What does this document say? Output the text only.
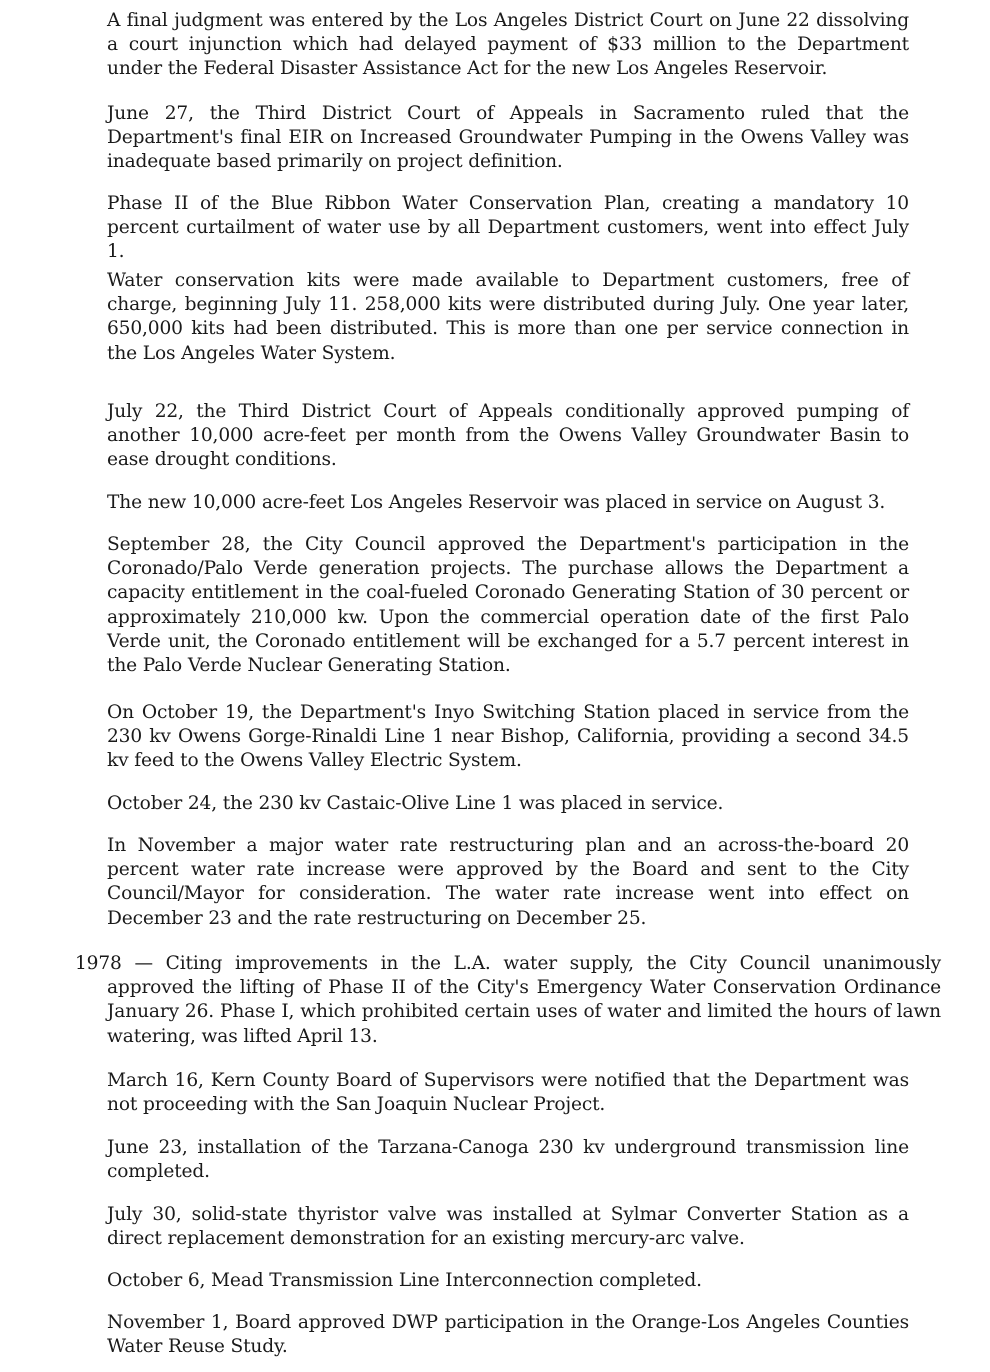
A final judgment was entered by the Los Angeles District Court on June 22 dissolving a court injunction which had delayed payment of $33 million to the Department under the Federal Disaster Assistance Act for the new Los Angeles Reservoir.

June 27, the Third District Court of Appeals in Sacramento ruled that the Department's final EIR on Increased Groundwater Pumping in the Owens Valley was inadequate based primarily on project definition.

Phase II of the Blue Ribbon Water Conservation Plan, creating a mandatory 10 percent curtailment of water use by all Department customers, went into effect July 1.

Water conservation kits were made available to Department customers, free of charge, beginning July 11. 258,000 kits were distributed during July. One year later, 650,000 kits had been distributed. This is more than one per service connection in the Los Angeles Water System.

July 22, the Third District Court of Appeals conditionally approved pumping of another 10,000 acre-feet per month from the Owens Valley Groundwater Basin to ease drought conditions.

The new 10,000 acre-feet Los Angeles Reservoir was placed in service on August 3.

September 28, the City Council approved the Department's participation in the Coronado/Palo Verde generation projects. The purchase allows the Department a capacity entitlement in the coal-fueled Coronado Generating Station of 30 percent or approximately 210,000 kw. Upon the commercial operation date of the first Palo Verde unit, the Coronado entitlement will be exchanged for a 5.7 percent interest in the Palo Verde Nuclear Generating Station.

On October 19, the Department's Inyo Switching Station placed in service from the 230 kv Owens Gorge-Rinaldi Line 1 near Bishop, California, providing a second 34.5 kv feed to the Owens Valley Electric System.

October 24, the 230 kv Castaic-Olive Line 1 was placed in service.

In November a major water rate restructuring plan and an across-the-board 20 percent water rate increase were approved by the Board and sent to the City Council/Mayor for consideration. The water rate increase went into effect on December 23 and the rate restructuring on December 25.

1978 — Citing improvements in the L.A. water supply, the City Council unanimously approved the lifting of Phase II of the City's Emergency Water Conservation Ordinance January 26. Phase I, which prohibited certain uses of water and limited the hours of lawn watering, was lifted April 13.

March 16, Kern County Board of Supervisors were notified that the Department was not proceeding with the San Joaquin Nuclear Project.

June 23, installation of the Tarzana-Canoga 230 kv underground transmission line completed.

July 30, solid-state thyristor valve was installed at Sylmar Converter Station as a direct replacement demonstration for an existing mercury-arc valve.

October 6, Mead Transmission Line Interconnection completed.

November 1, Board approved DWP participation in the Orange-Los Angeles Counties Water Reuse Study.
